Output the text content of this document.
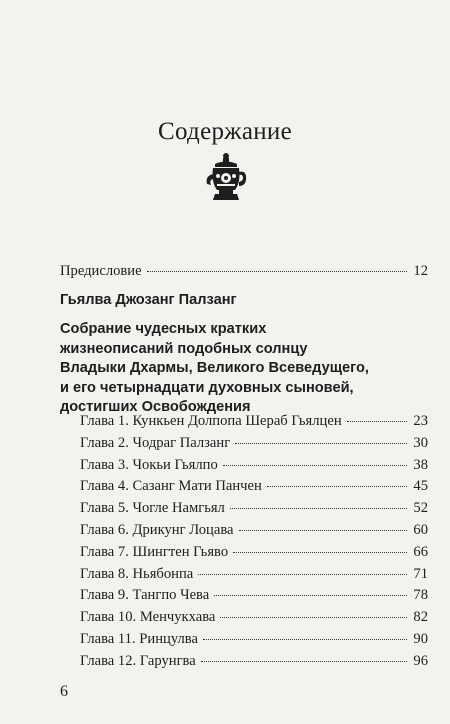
Содержание
Предисловие	12
Гьялва Джозанг Палзанг
Собрание чудесных кратких
жизнеописаний подобных солнцу
Владыки Дхармы, Великого Всеведущего,
и его четырнадцати духовных сыновей,
достигших Освобождения
Глава 1. Кункьен Долпопа Шераб Гьялцен	23
Глава 2. Чодраг Палзанг	30
Глава 3. Чокьи Гьялпо	38
Глава 4. Сазанг Мати Панчен	45
Глава 5. Чогле Намгьял	52
Глава 6. Дрикунг Лоцава	60
Глава 7. Шингтен Гьяво	66
Глава 8. Ньябонпа	71
Глава 9. Тангпо Чева	78
Глава 10. Менчукхава	82
Глава 11. Ринцулва	90
Глава 12. Гарунгва	96
6
